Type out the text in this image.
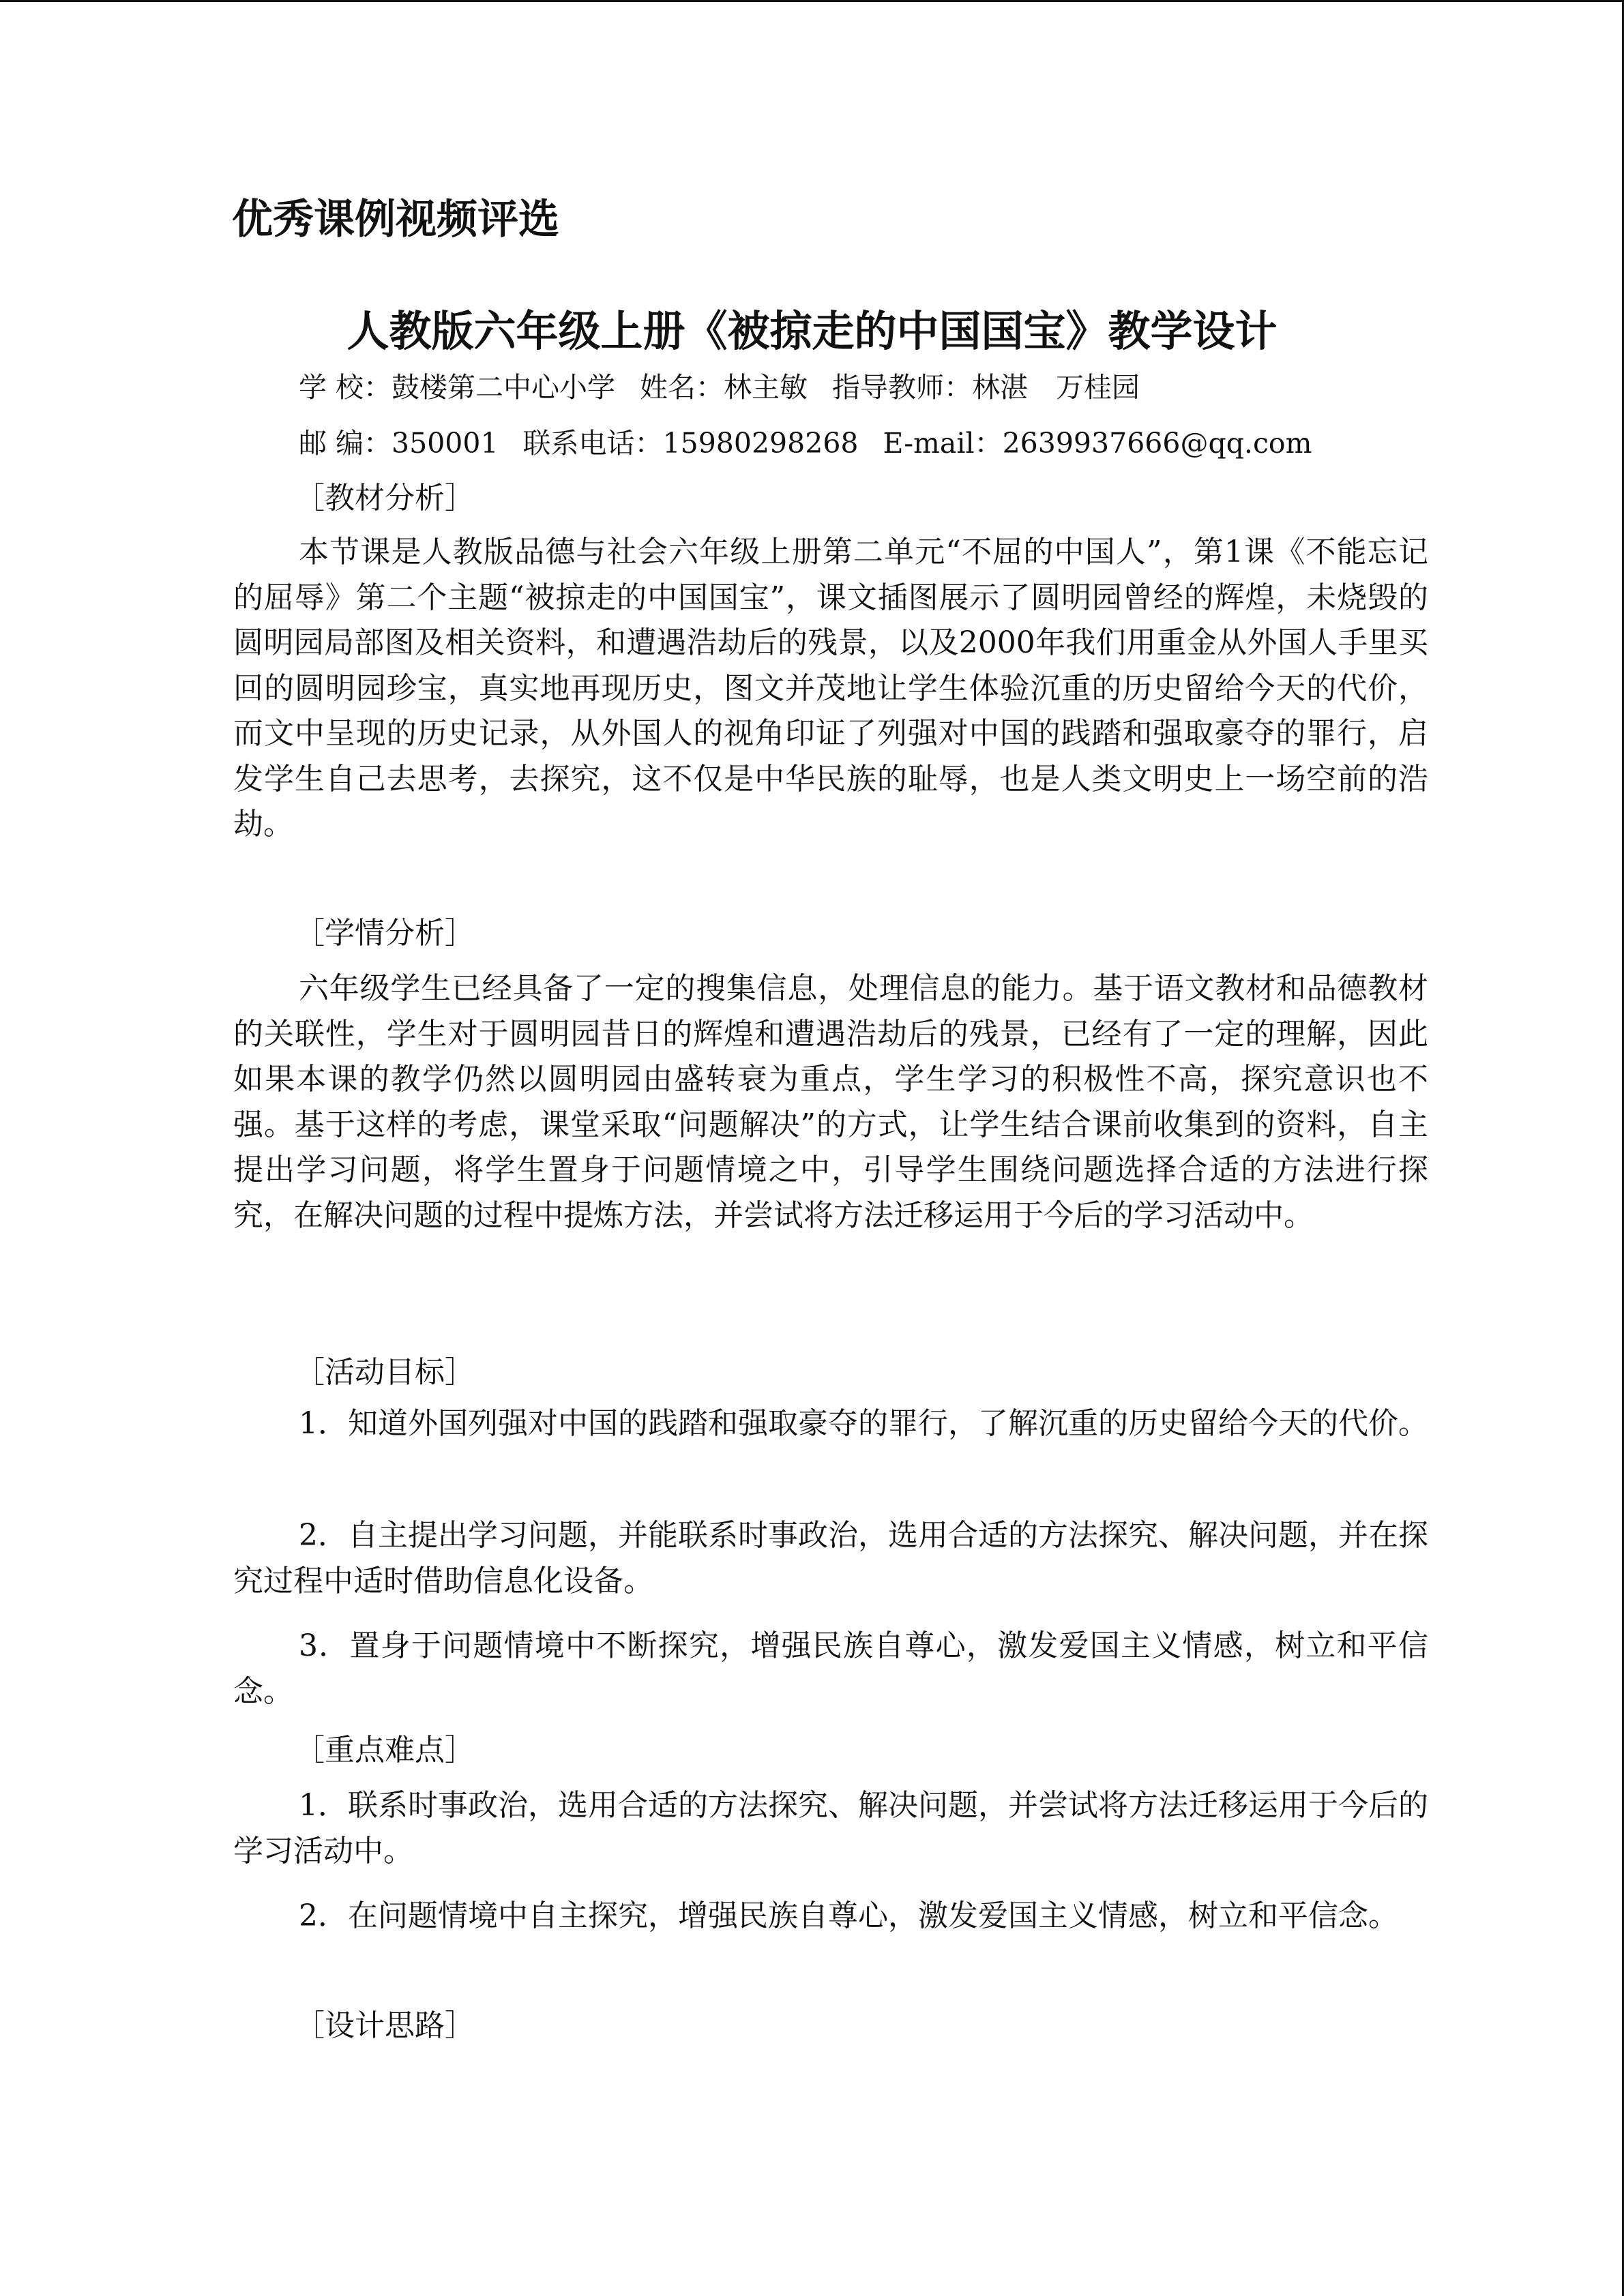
优秀课例视频评选
人教版六年级上册《被掠走的中国国宝》教学设计
学 校：鼓楼第二中心小学 姓名：林主敏 指导教师：林湛　万桂园
邮 编：350001 联系电话：15980298268 E-mail：2639937666@qq.com
［教材分析］

本节课是人教版品德与社会六年级上册第二单元“不屈的中国人”，第1课《不能忘记的屈辱》第二个主题“被掠走的中国国宝”，课文插图展示了圆明园曾经的辉煌，未烧毁的圆明园局部图及相关资料，和遭遇浩劫后的残景，以及2000年我们用重金从外国人手里买回的圆明园珍宝，真实地再现历史，图文并茂地让学生体验沉重的历史留给今天的代价，而文中呈现的历史记录，从外国人的视角印证了列强对中国的践踏和强取豪夺的罪行，启发学生自己去思考，去探究，这不仅是中华民族的耻辱，也是人类文明史上一场空前的浩劫。

［学情分析］

六年级学生已经具备了一定的搜集信息，处理信息的能力。基于语文教材和品德教材的关联性，学生对于圆明园昔日的辉煌和遭遇浩劫后的残景，已经有了一定的理解，因此如果本课的教学仍然以圆明园由盛转衰为重点，学生学习的积极性不高，探究意识也不强。基于这样的考虑，课堂采取“问题解决”的方式，让学生结合课前收集到的资料，自主提出学习问题，将学生置身于问题情境之中，引导学生围绕问题选择合适的方法进行探究，在解决问题的过程中提炼方法，并尝试将方法迁移运用于今后的学习活动中。

［活动目标］

1．知道外国列强对中国的践踏和强取豪夺的罪行，了解沉重的历史留给今天的代价。

2．自主提出学习问题，并能联系时事政治，选用合适的方法探究、解决问题，并在探究过程中适时借助信息化设备。

3．置身于问题情境中不断探究，增强民族自尊心，激发爱国主义情感，树立和平信念。

［重点难点］

1．联系时事政治，选用合适的方法探究、解决问题，并尝试将方法迁移运用于今后的学习活动中。

2．在问题情境中自主探究，增强民族自尊心，激发爱国主义情感，树立和平信念。

［设计思路］
